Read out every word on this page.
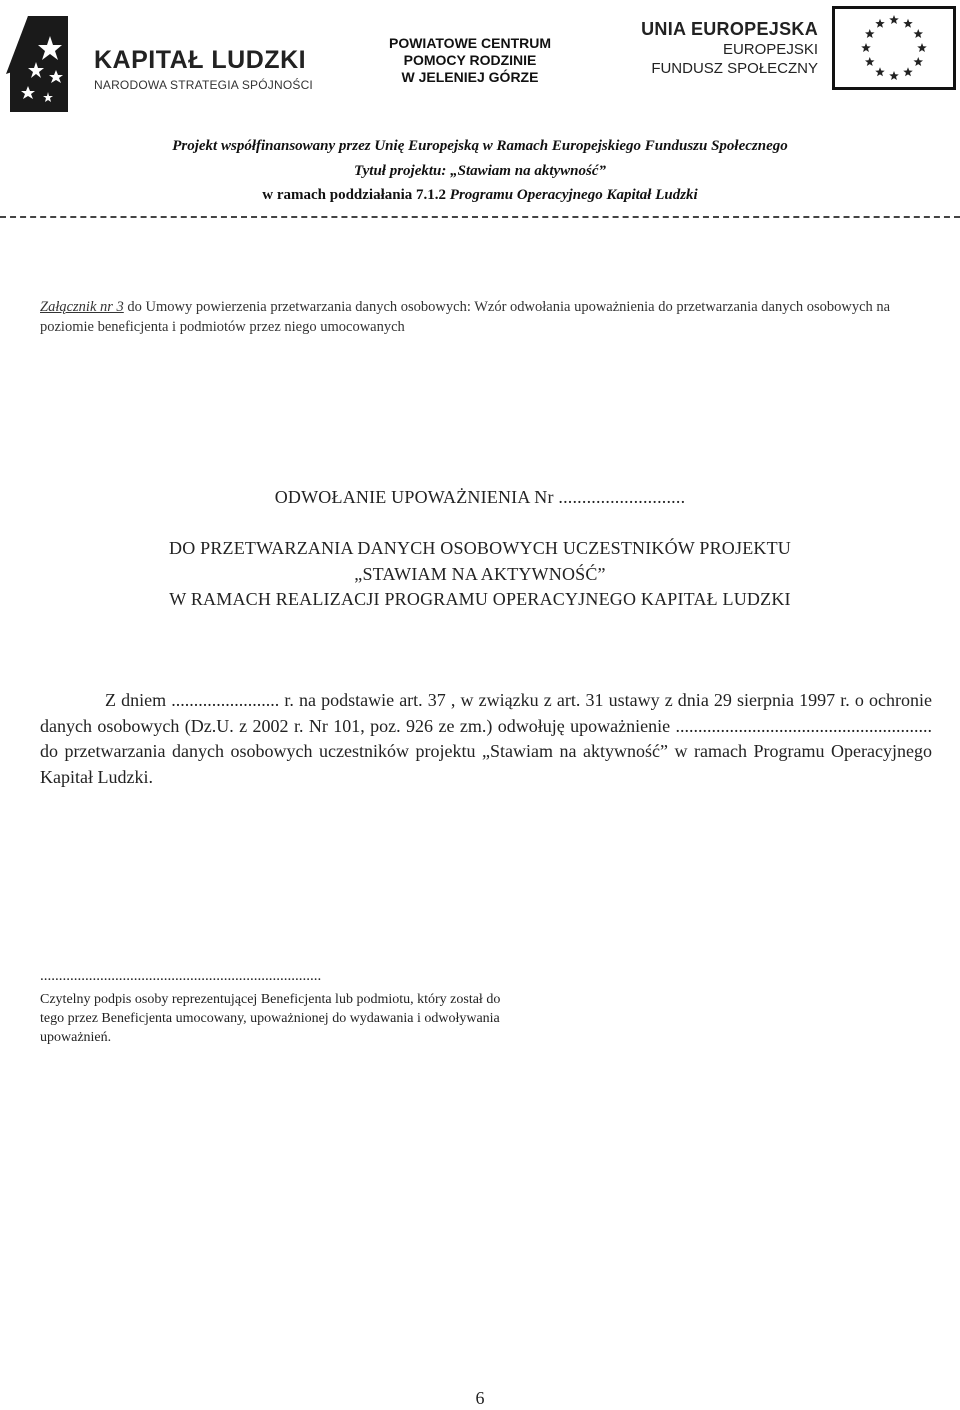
KAPITAŁ LUDZKI
NARODOWA STRATEGIA SPÓJNOŚCI
POWIATOWE CENTRUM
POMOCY RODZINIE
W JELENIEJ GÓRZE
UNIA EUROPEJSKA
EUROPEJSKI
FUNDUSZ SPOŁECZNY
Projekt współfinansowany przez Unię Europejską w Ramach Europejskiego Funduszu Społecznego
Tytuł projektu: „Stawiam na aktywność”
w ramach poddziałania 7.1.2 Programu Operacyjnego Kapitał Ludzki
Załącznik nr 3 do Umowy powierzenia przetwarzania danych osobowych: Wzór odwołania upoważnienia do przetwarzania danych osobowych na poziomie beneficjenta i podmiotów przez niego umocowanych
ODWOŁANIE UPOWAŻNIENIA Nr ...........................
DO PRZETWARZANIA DANYCH OSOBOWYCH UCZESTNIKÓW PROJEKTU
„STAWIAM NA AKTYWNOŚĆ”
W RAMACH REALIZACJI PROGRAMU OPERACYJNEGO KAPITAŁ LUDZKI
Z dniem ........................ r. na podstawie art. 37 , w związku z art. 31 ustawy z dnia 29 sierpnia 1997 r. o ochronie danych osobowych (Dz.U. z 2002 r. Nr 101, poz. 926 ze zm.) odwołuję upoważnienie ......................................................... do przetwarzania danych osobowych uczestników projektu „Stawiam na aktywność” w ramach Programu Operacyjnego Kapitał Ludzki.
...........................................................................
Czytelny podpis osoby reprezentującej Beneficjenta lub podmiotu, który został do tego przez Beneficjenta umocowany, upoważnionej do wydawania i odwoływania upoważnień.
6
